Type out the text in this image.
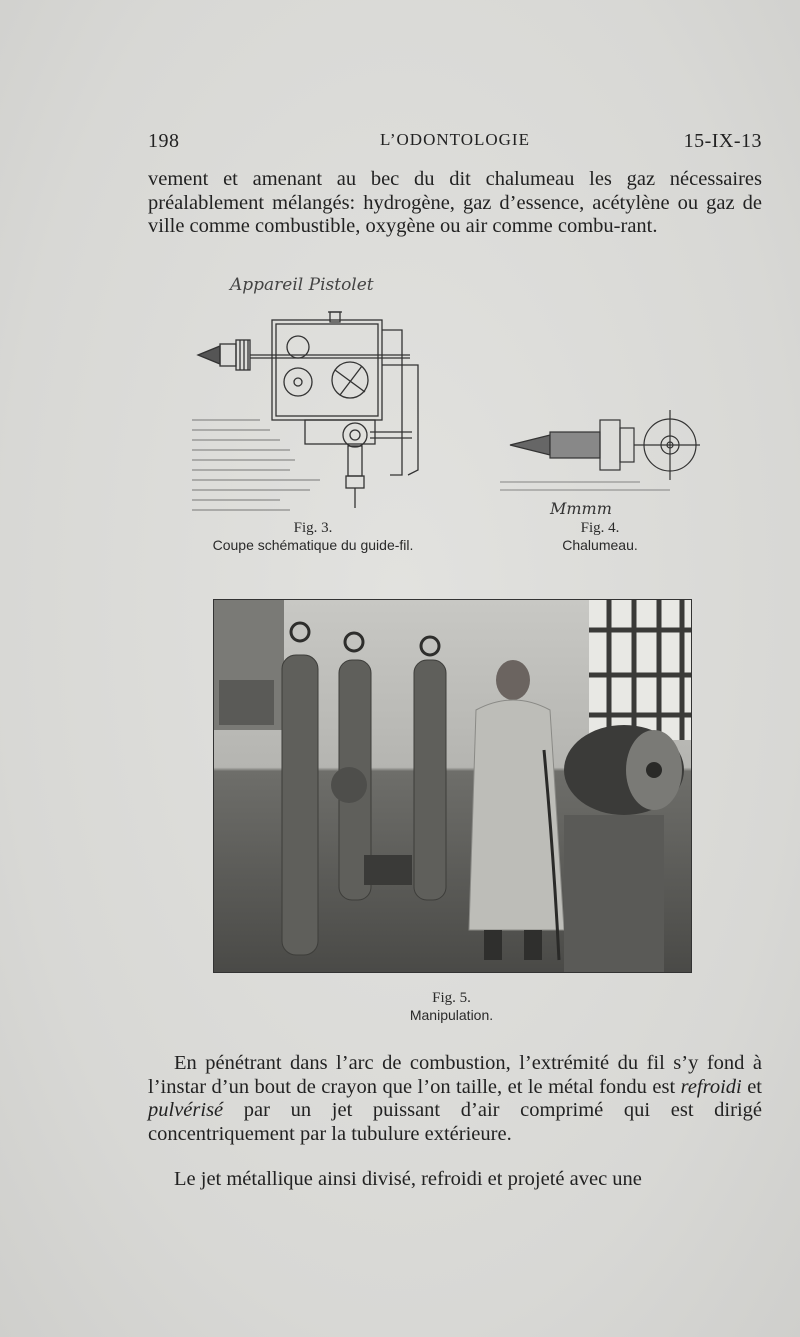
198	L’ODONTOLOGIE	15-IX-13
vement et amenant au bec du dit chalumeau les gaz nécessaires préalablement mélangés: hydrogène, gaz d’essence, acétylène ou gaz de ville comme combustible, oxygène ou air comme combu-rant.
Appareil Pistolet
Mmmm
Fig. 3.
Coupe schématique du guide-fil.
Fig. 4.
Chalumeau.
Fig. 5.
Manipulation.
En pénétrant dans l’arc de combustion, l’extrémité du fil s’y fond à l’instar d’un bout de crayon que l’on taille, et le métal fondu est refroidi et pulvérisé par un jet puissant d’air comprimé qui est dirigé concentriquement par la tubulure extérieure.
Le jet métallique ainsi divisé, refroidi et projeté avec une
